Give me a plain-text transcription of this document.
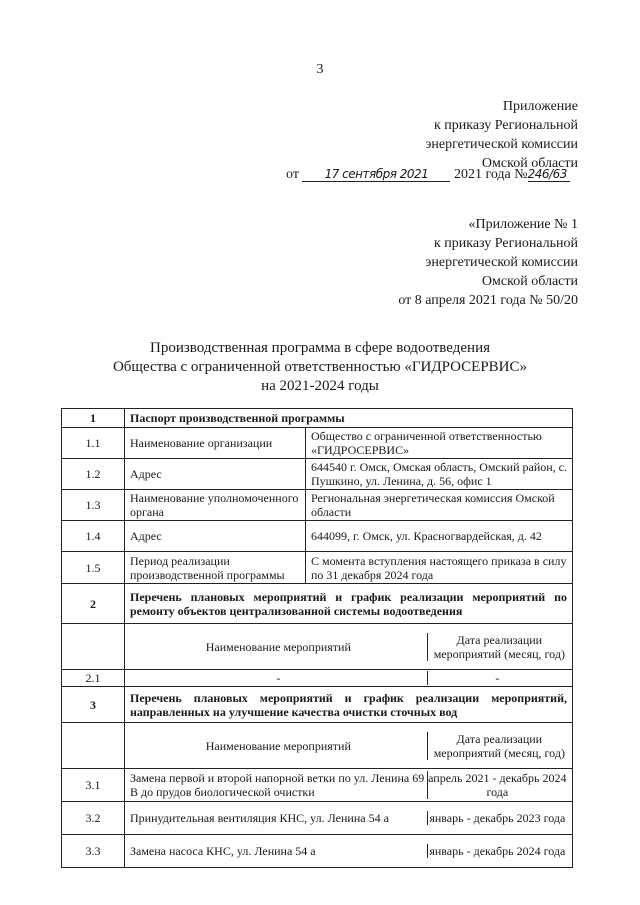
3
Приложение
к приказу Региональной
энергетической комиссии
Омской области
от 17 сентября 2021 2021 года №246/63
«Приложение № 1
к приказу Региональной
энергетической комиссии
Омской области
от 8 апреля 2021 года № 50/20
Производственная программа в сфере водоотведения
Общества с ограниченной ответственностью «ГИДРОСЕРВИС»
на 2021-2024 годы
1	Паспорт производственной программы
1.1	Наименование организации	Общество с ограниченной ответственностью «ГИДРОСЕРВИС»
1.2	Адрес	644540 г. Омск, Омская область, Омский район, с. Пушкино, ул. Ленина, д. 56, офис 1
1.3	Наименование уполномоченного органа	Региональная энергетическая комиссия Омской области
1.4	Адрес	644099, г. Омск, ул. Красногвардейская, д. 42
1.5	Период реализации производственной программы	С момента вступления настоящего приказа в силу по 31 декабря 2024 года
2	Перечень плановых мероприятий и график реализации мероприятий по ремонту объектов централизованной системы водоотведения

Наименование мероприятий	Дата реализации мероприятий (месяц, год)

2.1		-	-

3	Перечень плановых мероприятий и график реализации мероприятий, направленных на улучшение качества очистки сточных вод

Наименование мероприятий	Дата реализации мероприятий (месяц, год)

3.1	Замена первой и второй напорной ветки по ул. Ленина 69 В до прудов биологической очистки	апрель 2021 - декабрь 2024 года

3.2	Принудительная вентиляция КНС, ул. Ленина 54 а	январь - декабрь 2023 года

3.3	Замена насоса КНС, ул. Ленина 54 а	январь - декабрь 2024 года
